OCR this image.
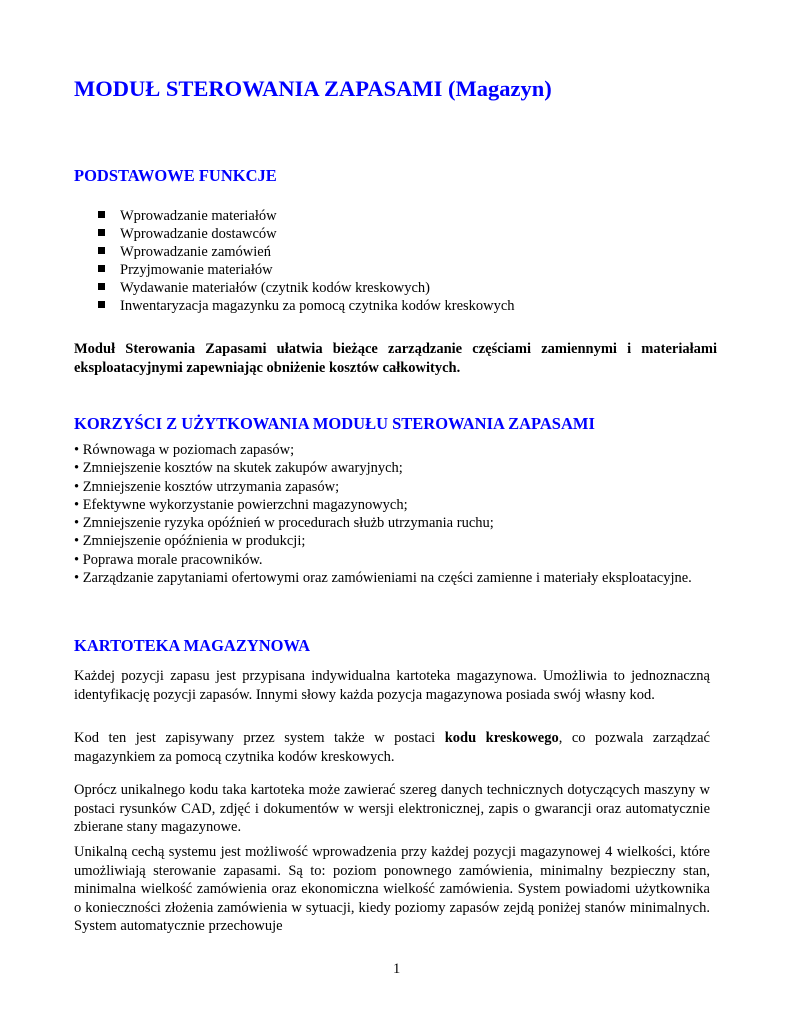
MODUŁ STEROWANIA ZAPASAMI (Magazyn)
PODSTAWOWE FUNKCJE
Wprowadzanie materiałów
Wprowadzanie dostawców
Wprowadzanie zamówień
Przyjmowanie materiałów
Wydawanie materiałów (czytnik kodów kreskowych)
Inwentaryzacja magazynku za pomocą czytnika kodów kreskowych

Moduł Sterowania Zapasami ułatwia bieżące zarządzanie częściami zamiennymi i materiałami eksploatacyjnymi zapewniając obniżenie kosztów całkowitych.

KORZYŚCI Z UŻYTKOWANIA MODUŁU STEROWANIA ZAPASAMI
• Równowaga w poziomach zapasów;
• Zmniejszenie kosztów na skutek zakupów awaryjnych;
• Zmniejszenie kosztów utrzymania zapasów;
• Efektywne wykorzystanie powierzchni magazynowych;
• Zmniejszenie ryzyka opóźnień w procedurach służb utrzymania ruchu;
• Zmniejszenie opóźnienia w produkcji;
• Poprawa morale pracowników.
• Zarządzanie zapytaniami ofertowymi oraz zamówieniami na części zamienne i materiały eksploatacyjne.
KARTOTEKA MAGAZYNOWA

Każdej pozycji zapasu jest przypisana indywidualna kartoteka magazynowa. Umożliwia to jednoznaczną identyfikację pozycji zapasów. Innymi słowy każda pozycja magazynowa posiada swój własny kod.

Kod ten jest zapisywany przez system także w postaci kodu kreskowego, co pozwala zarządzać magazynkiem za pomocą czytnika kodów kreskowych.

Oprócz unikalnego kodu taka kartoteka może zawierać szereg danych technicznych dotyczących maszyny w postaci rysunków CAD, zdjęć i dokumentów w wersji elektronicznej, zapis o gwarancji oraz automatycznie zbierane stany magazynowe.

Unikalną cechą systemu jest możliwość wprowadzenia przy każdej pozycji magazynowej 4 wielkości, które umożliwiają sterowanie zapasami. Są to: poziom ponownego zamówienia, minimalny bezpieczny stan, minimalna wielkość zamówienia oraz ekonomiczna wielkość zamówienia. System powiadomi użytkownika o konieczności złożenia zamówienia w sytuacji, kiedy poziomy zapasów zejdą poniżej stanów minimalnych. System automatycznie przechowuje

1
